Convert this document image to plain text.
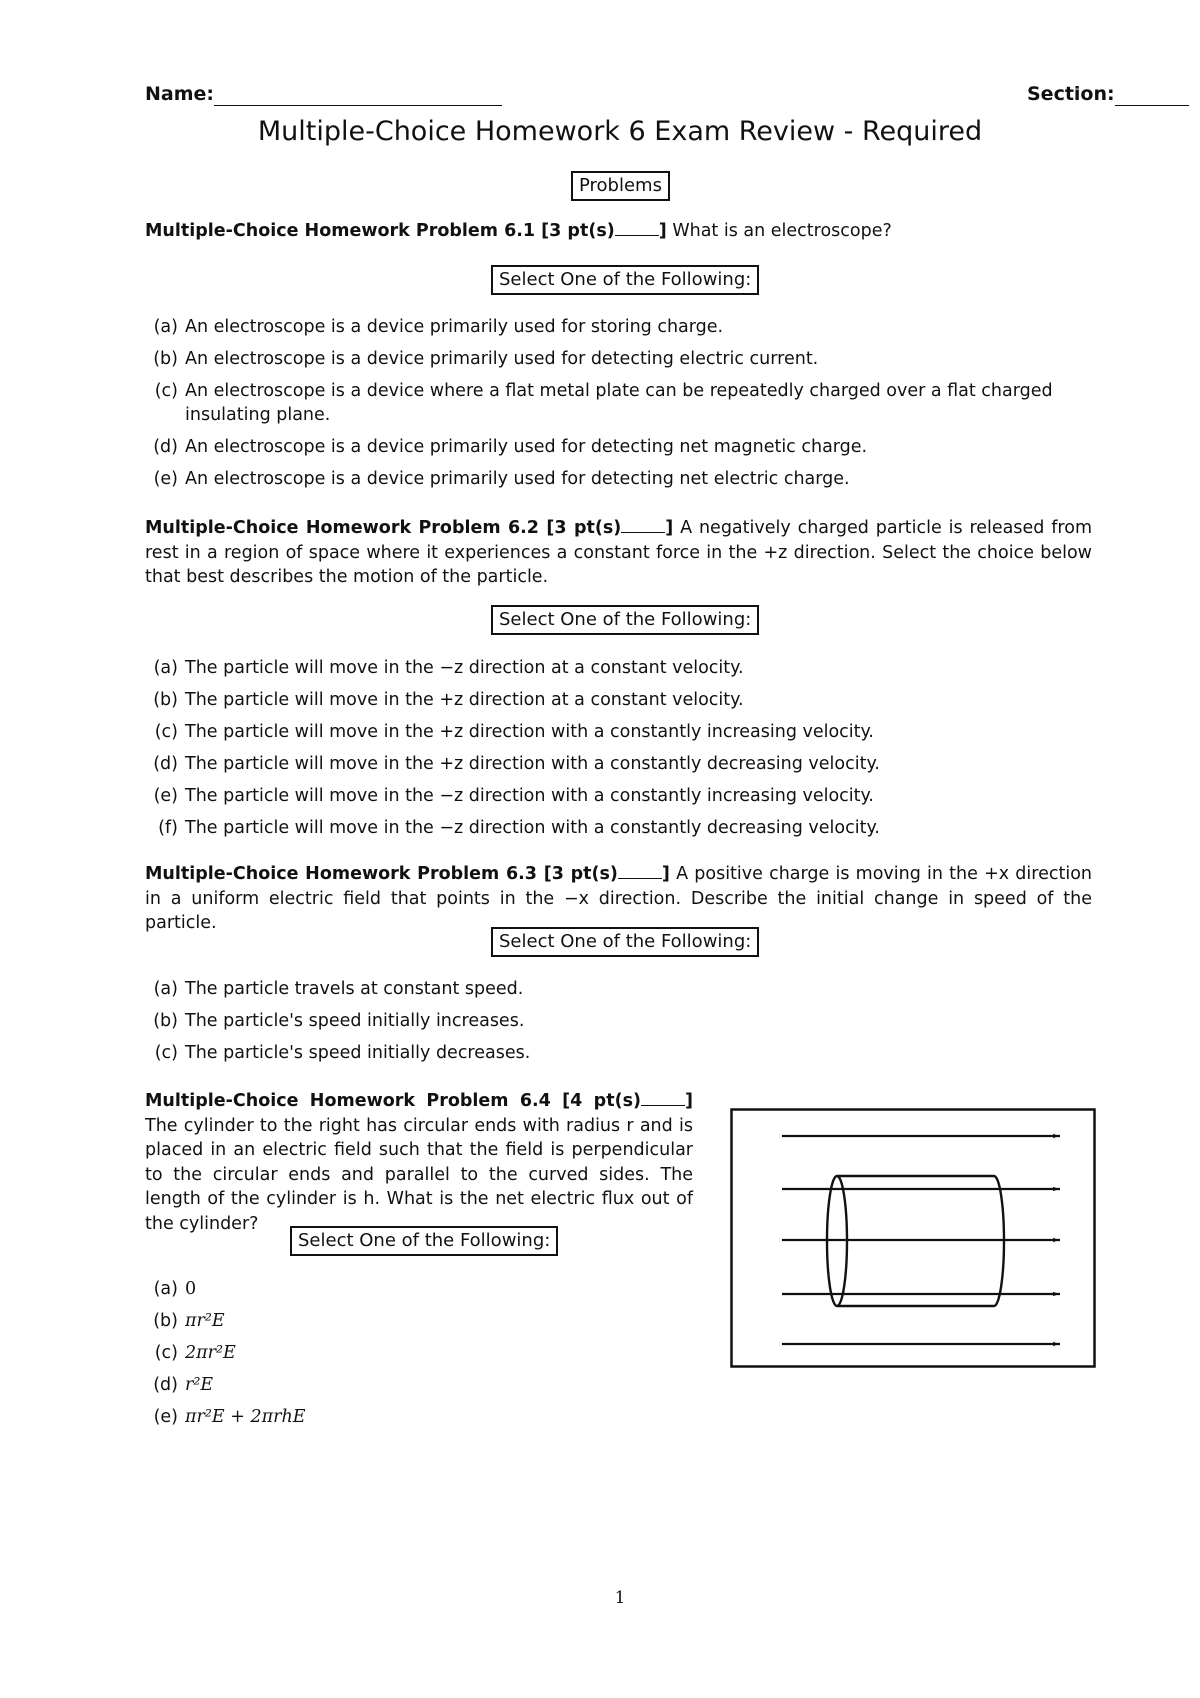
Name:	Section:
Multiple-Choice Homework 6 Exam Review - Required
Problems
Multiple-Choice Homework Problem 6.1 [3 pt(s)	] What is an electroscope?
Select One of the Following:
(a) An electroscope is a device primarily used for storing charge.
(b) An electroscope is a device primarily used for detecting electric current.
(c) An electroscope is a device where a flat metal plate can be repeatedly charged over a flat charged insulating plane.
(d) An electroscope is a device primarily used for detecting net magnetic charge.
(e) An electroscope is a device primarily used for detecting net electric charge.
Multiple-Choice Homework Problem 6.2 [3 pt(s)	] A negatively charged particle is released from rest in a region of space where it experiences a constant force in the +z direction. Select the choice below that best describes the motion of the particle.
Select One of the Following:
(a) The particle will move in the −z direction at a constant velocity.
(b) The particle will move in the +z direction at a constant velocity.
(c) The particle will move in the +z direction with a constantly increasing velocity.
(d) The particle will move in the +z direction with a constantly decreasing velocity.
(e) The particle will move in the −z direction with a constantly increasing velocity.
(f) The particle will move in the −z direction with a constantly decreasing velocity.
Multiple-Choice Homework Problem 6.3 [3 pt(s)	] A positive charge is moving in the +x direction in a uniform electric field that points in the −x direction. Describe the initial change in speed of the particle.
Select One of the Following:
(a) The particle travels at constant speed.
(b) The particle's speed initially increases.
(c) The particle's speed initially decreases.
Multiple-Choice Homework Problem 6.4 [4 pt(s)	] The cylinder to the right has circular ends with radius r and is placed in an electric field such that the field is perpendicular to the circular ends and parallel to the curved sides. The length of the cylinder is h. What is the net electric flux out of the cylinder?
Select One of the Following:
(a) 0
(b) πr²E
(c) 2πr²E
(d) r²E
(e) πr²E + 2πrhE
1
